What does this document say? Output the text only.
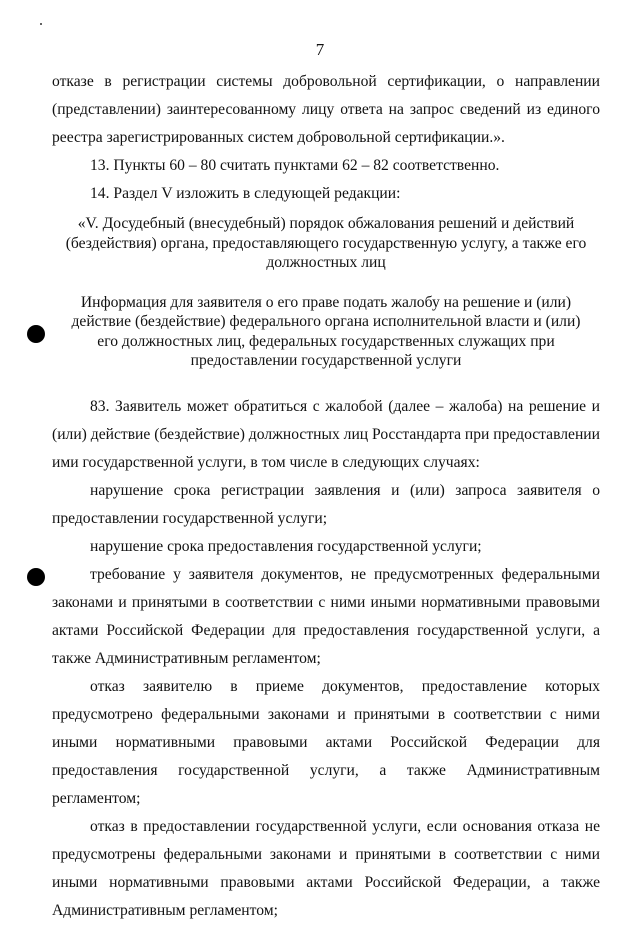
7

отказе в регистрации системы добровольной сертификации, о направлении (представлении) заинтересованному лицу ответа на запрос сведений из единого реестра зарегистрированных систем добровольной сертификации.».

13. Пункты 60 – 80 считать пунктами 62 – 82 соответственно.

14. Раздел V изложить в следующей редакции:

«V. Досудебный (внесудебный) порядок обжалования решений и действий (бездействия) органа, предоставляющего государственную услугу, а также его должностных лиц

Информация для заявителя о его праве подать жалобу на решение и (или) действие (бездействие) федерального органа исполнительной власти и (или) его должностных лиц, федеральных государственных служащих при предоставлении государственной услуги

83. Заявитель может обратиться с жалобой (далее – жалоба) на решение и (или) действие (бездействие) должностных лиц Росстандарта при предоставлении ими государственной услуги, в том числе в следующих случаях:

нарушение срока регистрации заявления и (или) запроса заявителя о предоставлении государственной услуги;

нарушение срока предоставления государственной услуги;

требование у заявителя документов, не предусмотренных федеральными законами и принятыми в соответствии с ними иными нормативными правовыми актами Российской Федерации для предоставления государственной услуги, а также Административным регламентом;

отказ заявителю в приеме документов, предоставление которых предусмотрено федеральными законами и принятыми в соответствии с ними иными нормативными правовыми актами Российской Федерации для предоставления государственной услуги, а также Административным регламентом;

отказ в предоставлении государственной услуги, если основания отказа не предусмотрены федеральными законами и принятыми в соответствии с ними иными нормативными правовыми актами Российской Федерации, а также

Административным регламентом;
